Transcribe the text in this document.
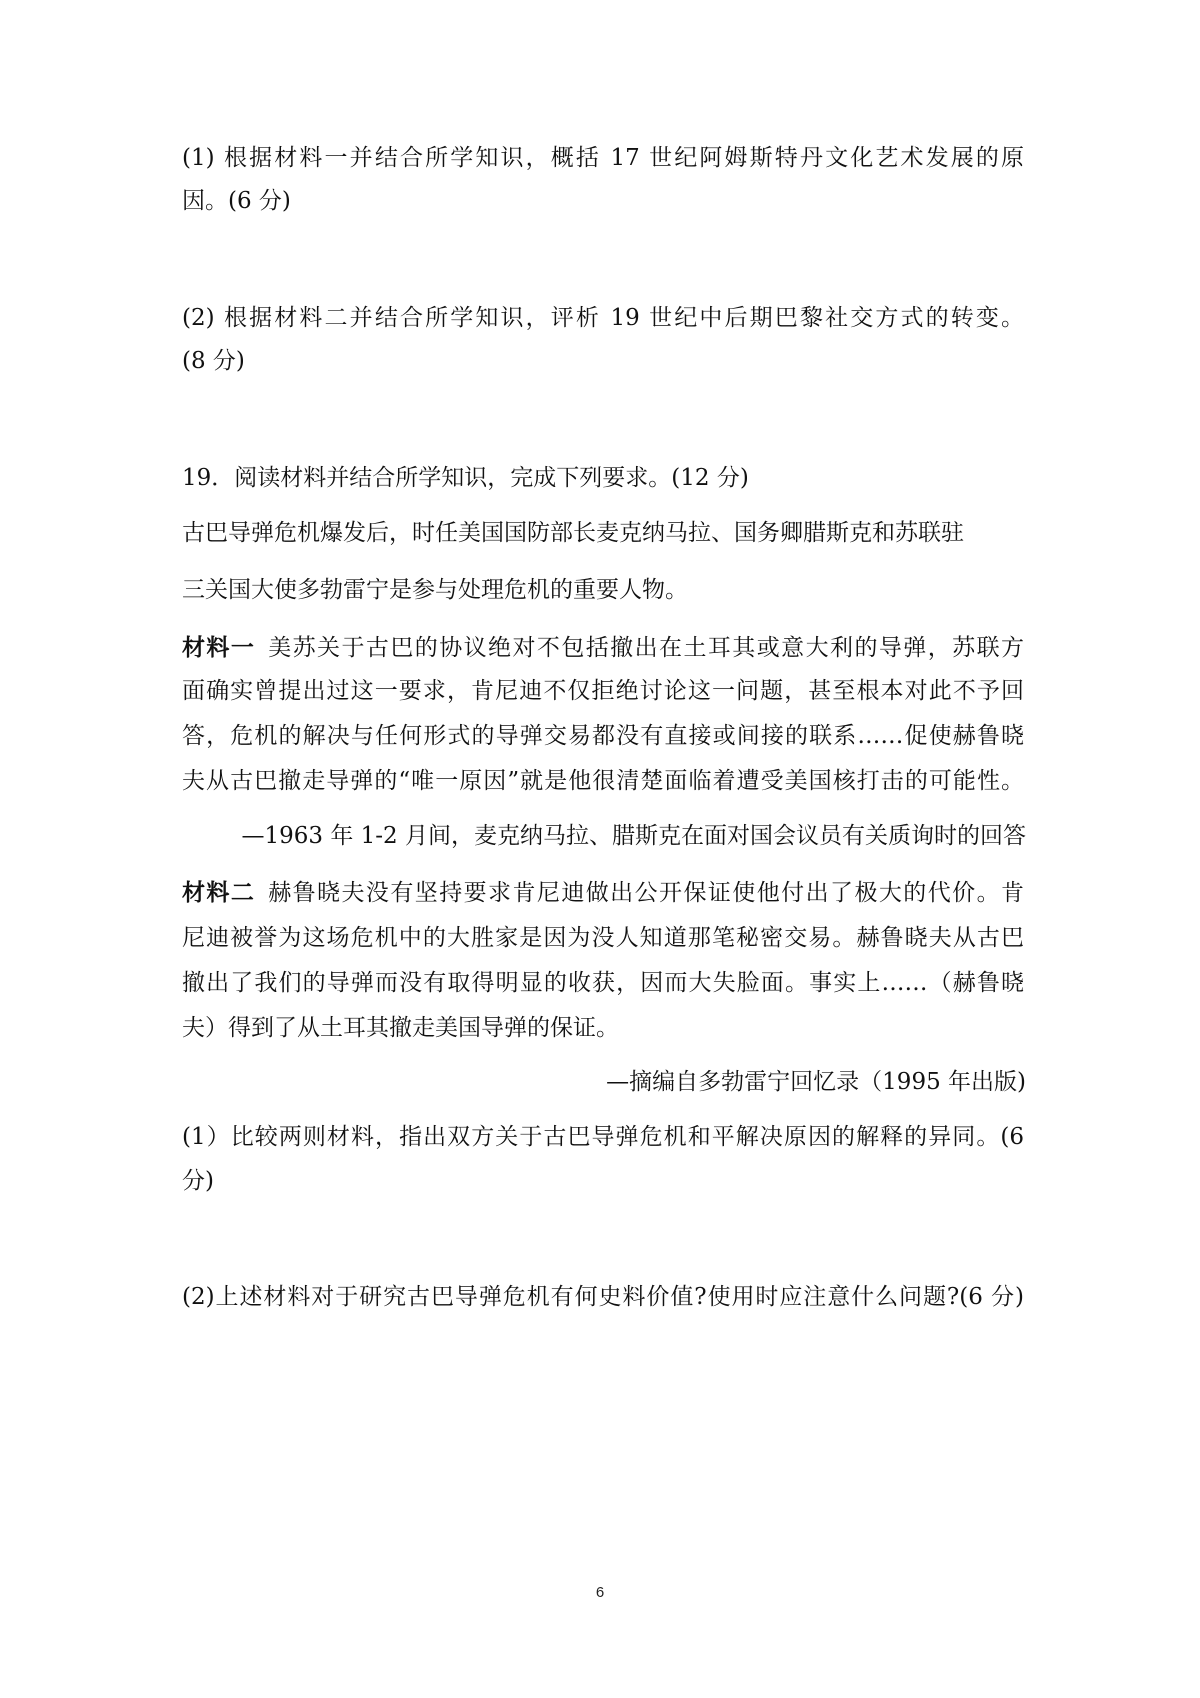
(1) 根据材料一并结合所学知识，概括 17 世纪阿姆斯特丹文化艺术发展的原
因。(6 分)
(2) 根据材料二并结合所学知识，评析 19 世纪中后期巴黎社交方式的转变。
(8 分)
19．阅读材料并结合所学知识，完成下列要求。(12 分)
古巴导弹危机爆发后，时任美国国防部长麦克纳马拉、国务卿腊斯克和苏联驻
三关国大使多勃雷宁是参与处理危机的重要人物。
材料一  美苏关于古巴的协议绝对不包括撤出在土耳其或意大利的导弹，苏联方
面确实曾提出过这一要求，肯尼迪不仅拒绝讨论这一问题，甚至根本对此不予回
答，危机的解决与任何形式的导弹交易都没有直接或间接的联系……促使赫鲁晓
夫从古巴撤走导弹的“唯一原因”就是他很清楚面临着遭受美国核打击的可能性。
—1963 年 1-2 月间，麦克纳马拉、腊斯克在面对国会议员有关质询时的回答
材料二  赫鲁晓夫没有坚持要求肯尼迪做出公开保证使他付出了极大的代价。肯
尼迪被誉为这场危机中的大胜家是因为没人知道那笔秘密交易。赫鲁晓夫从古巴
撤出了我们的导弹而没有取得明显的收获，因而大失脸面。事实上……（赫鲁晓
夫）得到了从土耳其撤走美国导弹的保证。
—摘编自多勃雷宁回忆录（1995 年出版)
(1）比较两则材料，指出双方关于古巴导弹危机和平解决原因的解释的异同。(6
分)
(2)上述材料对于研究古巴导弹危机有何史料价值?使用时应注意什么问题?(6 分)
6
